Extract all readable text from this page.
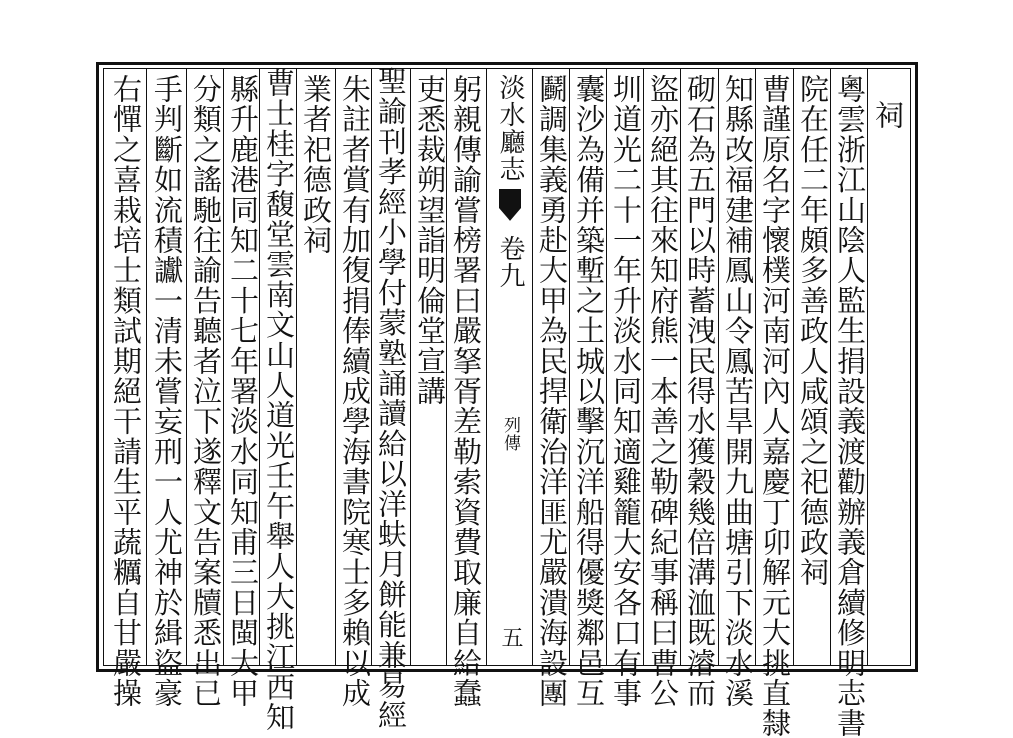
祠
粵雲浙江山陰人監生捐設義渡勸辦義倉續修明志書
院在任二年頗多善政人咸頌之祀德政祠
曹謹原名字懷樸河南河內人嘉慶丁卯解元大挑直隸
知縣改福建補鳳山令鳳苦旱開九曲塘引下淡水溪
砌石為五門以時蓄洩民得水獲穀幾倍溝洫既濬而
盜亦絕其往來知府熊一本善之勒碑紀事稱曰曹公
圳道光二十一年升淡水同知適雞籠大安各口有事
囊沙為備并築塹之土城以擊沉洋船得優獎鄰邑互
鬬調集義勇赴大甲為民捍衛治洋匪尤嚴潰海設團
淡水廳志卷九
列傳
五
躬親傳諭嘗榜署曰嚴拏胥差勒索資費取廉自給蠢
吏悉裁朔望詣明倫堂宣講
聖諭刊孝經小學付蒙塾誦讀給以洋蚨月餅能兼易經
朱註者賞有加復捐俸續成學海書院寒士多賴以成
業者祀德政祠
曹士桂字馥堂雲南文山人道光壬午舉人大挑江西知
縣升鹿港同知二十七年署淡水同知甫三日閩大甲
分類之謠馳往諭告聽者泣下遂釋文告案牘悉出已
手判斷如流積讞一清未嘗妄刑一人尤神於緝盜豪
右憚之喜栽培士類試期絕干請生平蔬糲自甘嚴操
